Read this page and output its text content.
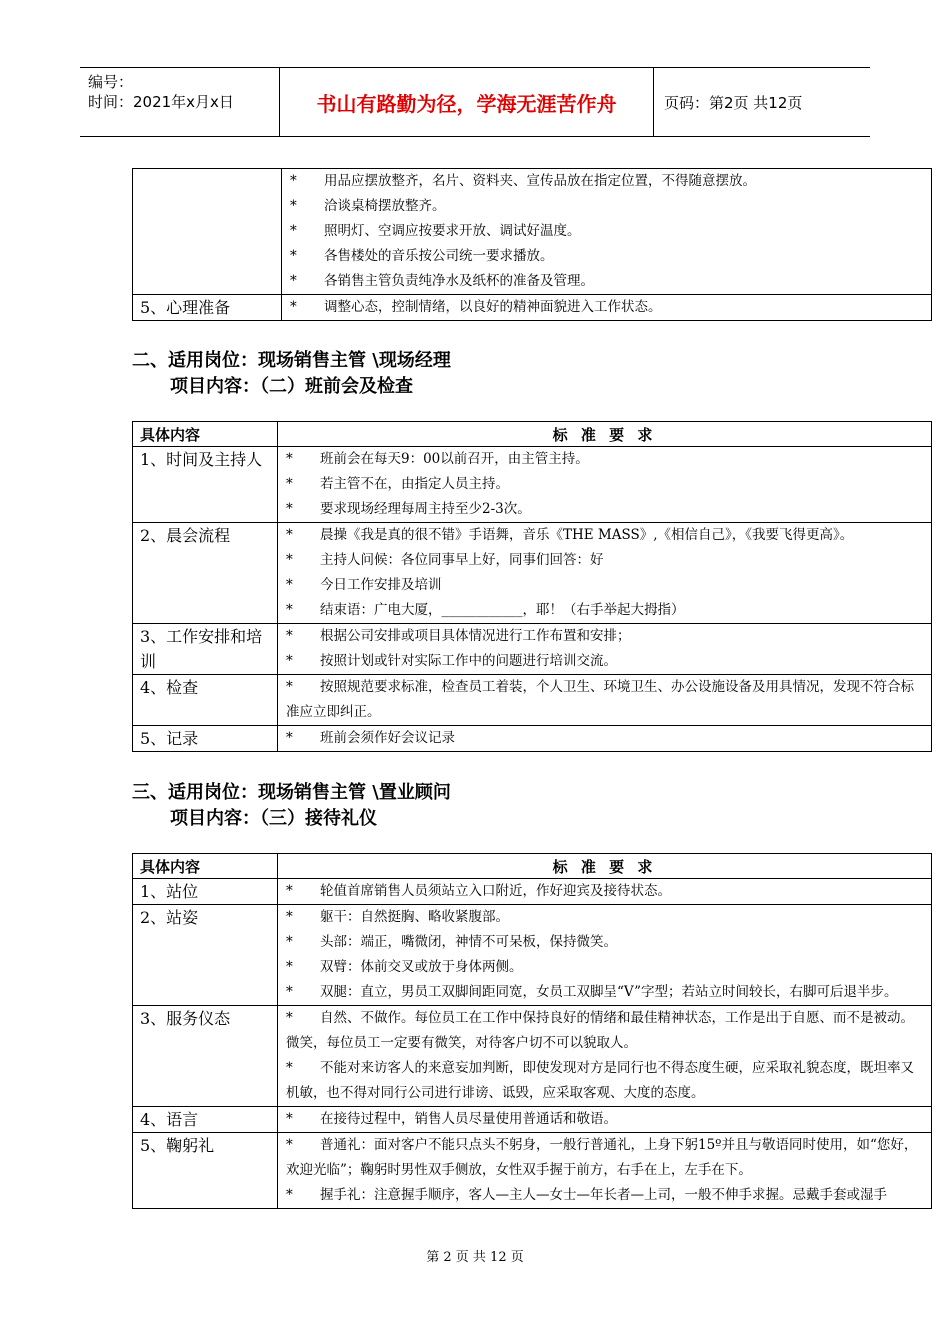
编号：
时间：2021年x月x日	书山有路勤为径，学海无涯苦作舟	页码：第2页 共12页

	* 用品应摆放整齐，名片、资料夹、宣传品放在指定位置，不得随意摆放。
* 洽谈桌椅摆放整齐。
* 照明灯、空调应按要求开放、调试好温度。
* 各售楼处的音乐按公司统一要求播放。
* 各销售主管负责纯净水及纸杯的准备及管理。

5、心理准备	* 调整心态，控制情绪，以良好的精神面貌进入工作状态。
二、适用岗位：现场销售主管 \现场经理
项目内容：（二）班前会及检查
具体内容	标 准 要 求
1、时间及主持人	* 班前会在每天9：00以前召开，由主管主持。
* 若主管不在，由指定人员主持。
* 要求现场经理每周主持至少2-3次。

2、晨会流程	* 晨操《我是真的很不错》手语舞，音乐《THE MASS》,《相信自己》，《我要飞得更高》。
* 主持人问候：各位同事早上好，同事们回答：好
* 今日工作安排及培训
* 结束语：广电大厦，____________，耶！（右手举起大拇指）

3、工作安排和培训	* 根据公司安排或项目具体情况进行工作布置和安排；
* 按照计划或针对实际工作中的问题进行培训交流。

4、检查	* 按照规范要求标准，检查员工着装，个人卫生、环境卫生、办公设施设备及用具情况，发现不符合标准应立即纠正。

5、记录	* 班前会须作好会议记录
三、适用岗位：现场销售主管 \置业顾问
项目内容：（三）接待礼仪
具体内容	标 准 要 求
1、站位	* 轮值首席销售人员须站立入口附近，作好迎宾及接待状态。

2、站姿	* 躯干：自然挺胸、略收紧腹部。
* 头部：端正，嘴微闭，神情不可呆板，保持微笑。
* 双臂：体前交叉或放于身体两侧。
* 双腿：直立，男员工双脚间距同宽，女员工双脚呈“V”字型；若站立时间较长，右脚可后退半步。

3、服务仪态	* 自然、不做作。每位员工在工作中保持良好的情绪和最佳精神状态，工作是出于自愿、而不是被动。微笑，每位员工一定要有微笑，对待客户切不可以貌取人。
* 不能对来访客人的来意妄加判断，即使发现对方是同行也不得态度生硬，应采取礼貌态度，既坦率又机敏，也不得对同行公司进行诽谤、诋毁，应采取客观、大度的态度。

4、语言	* 在接待过程中，销售人员尽量使用普通话和敬语。

5、鞠躬礼	* 普通礼：面对客户不能只点头不躬身，一般行普通礼，上身下躬15º并且与敬语同时使用，如“您好，欢迎光临”；鞠躬时男性双手侧放，女性双手握于前方，右手在上，左手在下。
* 握手礼：注意握手顺序，客人—主人—女士—年长者—上司，一般不伸手求握。忌戴手套或湿手
第 2 页 共 12 页
